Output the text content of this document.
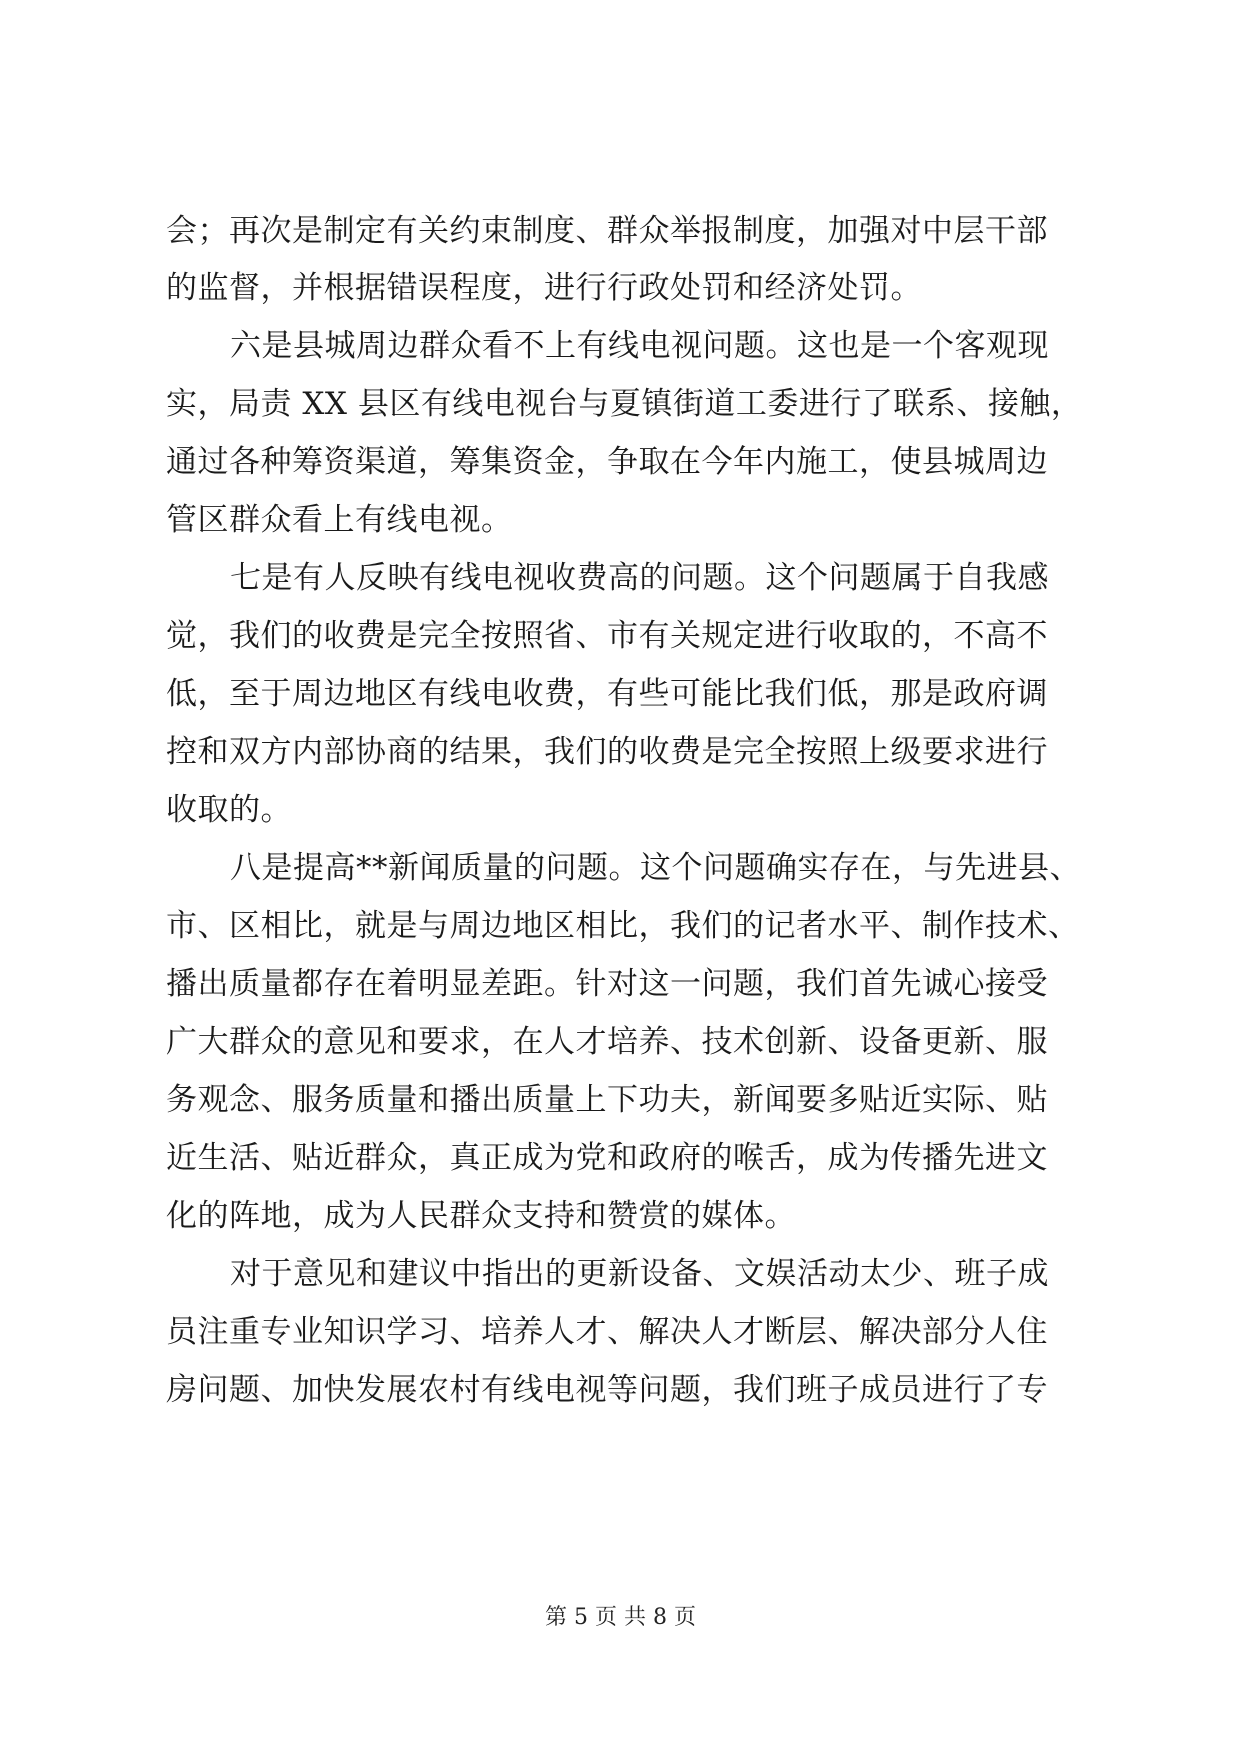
会；再次是制定有关约束制度、群众举报制度，加强对中层干部
的监督，并根据错误程度，进行行政处罚和经济处罚。
六是县城周边群众看不上有线电视问题。这也是一个客观现
实，局责 XX 县区有线电视台与夏镇街道工委进行了联系、接触，
通过各种筹资渠道，筹集资金，争取在今年内施工，使县城周边
管区群众看上有线电视。
七是有人反映有线电视收费高的问题。这个问题属于自我感
觉，我们的收费是完全按照省、市有关规定进行收取的，不高不
低，至于周边地区有线电收费，有些可能比我们低，那是政府调
控和双方内部协商的结果，我们的收费是完全按照上级要求进行
收取的。
八是提高**新闻质量的问题。这个问题确实存在，与先进县、
市、区相比，就是与周边地区相比，我们的记者水平、制作技术、
播出质量都存在着明显差距。针对这一问题，我们首先诚心接受
广大群众的意见和要求，在人才培养、技术创新、设备更新、服
务观念、服务质量和播出质量上下功夫，新闻要多贴近实际、贴
近生活、贴近群众，真正成为党和政府的喉舌，成为传播先进文
化的阵地，成为人民群众支持和赞赏的媒体。
对于意见和建议中指出的更新设备、文娱活动太少、班子成
员注重专业知识学习、培养人才、解决人才断层、解决部分人住
房问题、加快发展农村有线电视等问题，我们班子成员进行了专
第 5 页 共 8 页
